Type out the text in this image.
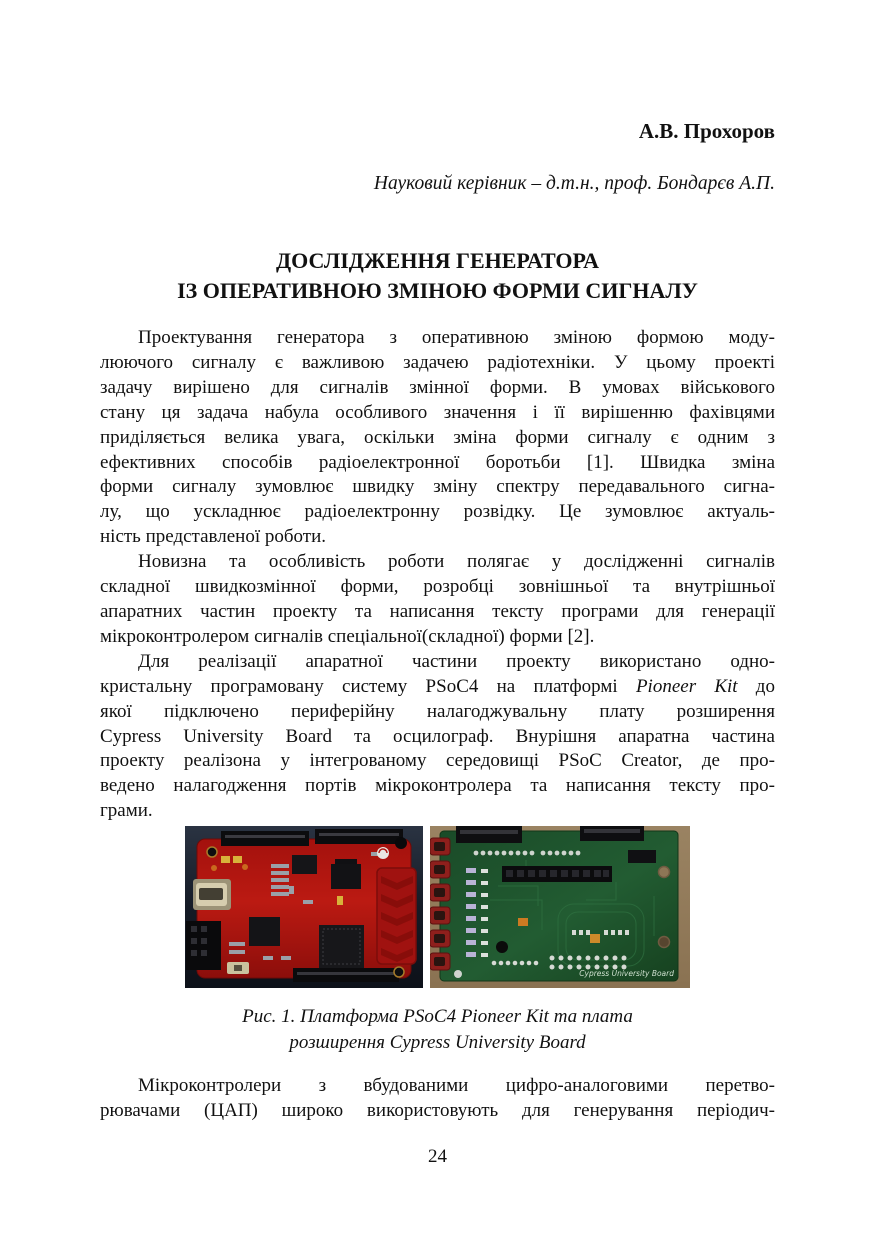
А.В. Прохоров
Науковий керівник – д.т.н., проф. Бондарєв А.П.
ДОСЛІДЖЕННЯ ГЕНЕРАТОРА
ІЗ ОПЕРАТИВНОЮ ЗМІНОЮ ФОРМИ СИГНАЛУ
Проектування генератора з оперативною зміною формою моду-
люючого сигналу є важливою задачею радіотехніки. У цьому проекті
задачу вирішено для сигналів змінної форми. В умовах військового
стану ця задача набула особливого значення і її вирішенню фахівцями
приділяється велика увага, оскільки зміна форми сигналу є одним з
ефективних способів радіоелектронної боротьби [1]. Швидка зміна
форми сигналу зумовлює швидку зміну спектру передавального сигна-
лу, що ускладнює радіоелектронну розвідку. Це зумовлює актуаль-
ність представленої роботи.
Новизна та особливість роботи полягає у дослідженні сигналів
складної швидкозмінної форми, розробці зовнішньої та внутрішньої
апаратних частин проекту та написання тексту програми для генерації
мікроконтролером сигналів спеціальної(складної) форми [2].
Для реалізації апаратної частини проекту використано одно-
кристальну програмовану систему PSoC4 на платформі Pioneer Kit до
якої підключено периферійну налагоджувальну плату розширення
Cypress University Board та осцилограф. Внурішня апаратна частина
проекту реалізона у інтегрованому середовищі PSoC Creator, де про-
ведено налагодження портів мікроконтролера та написання тексту про-
грами.
Cypress University Board
Рис. 1. Платформа PSoC4 Pioneer Kit та плата
розширення Cypress University Board
Мікроконтролери з вбудованими цифро-аналоговими перетво-
рювачами (ЦАП) широко використовують для генерування періодич-
24
